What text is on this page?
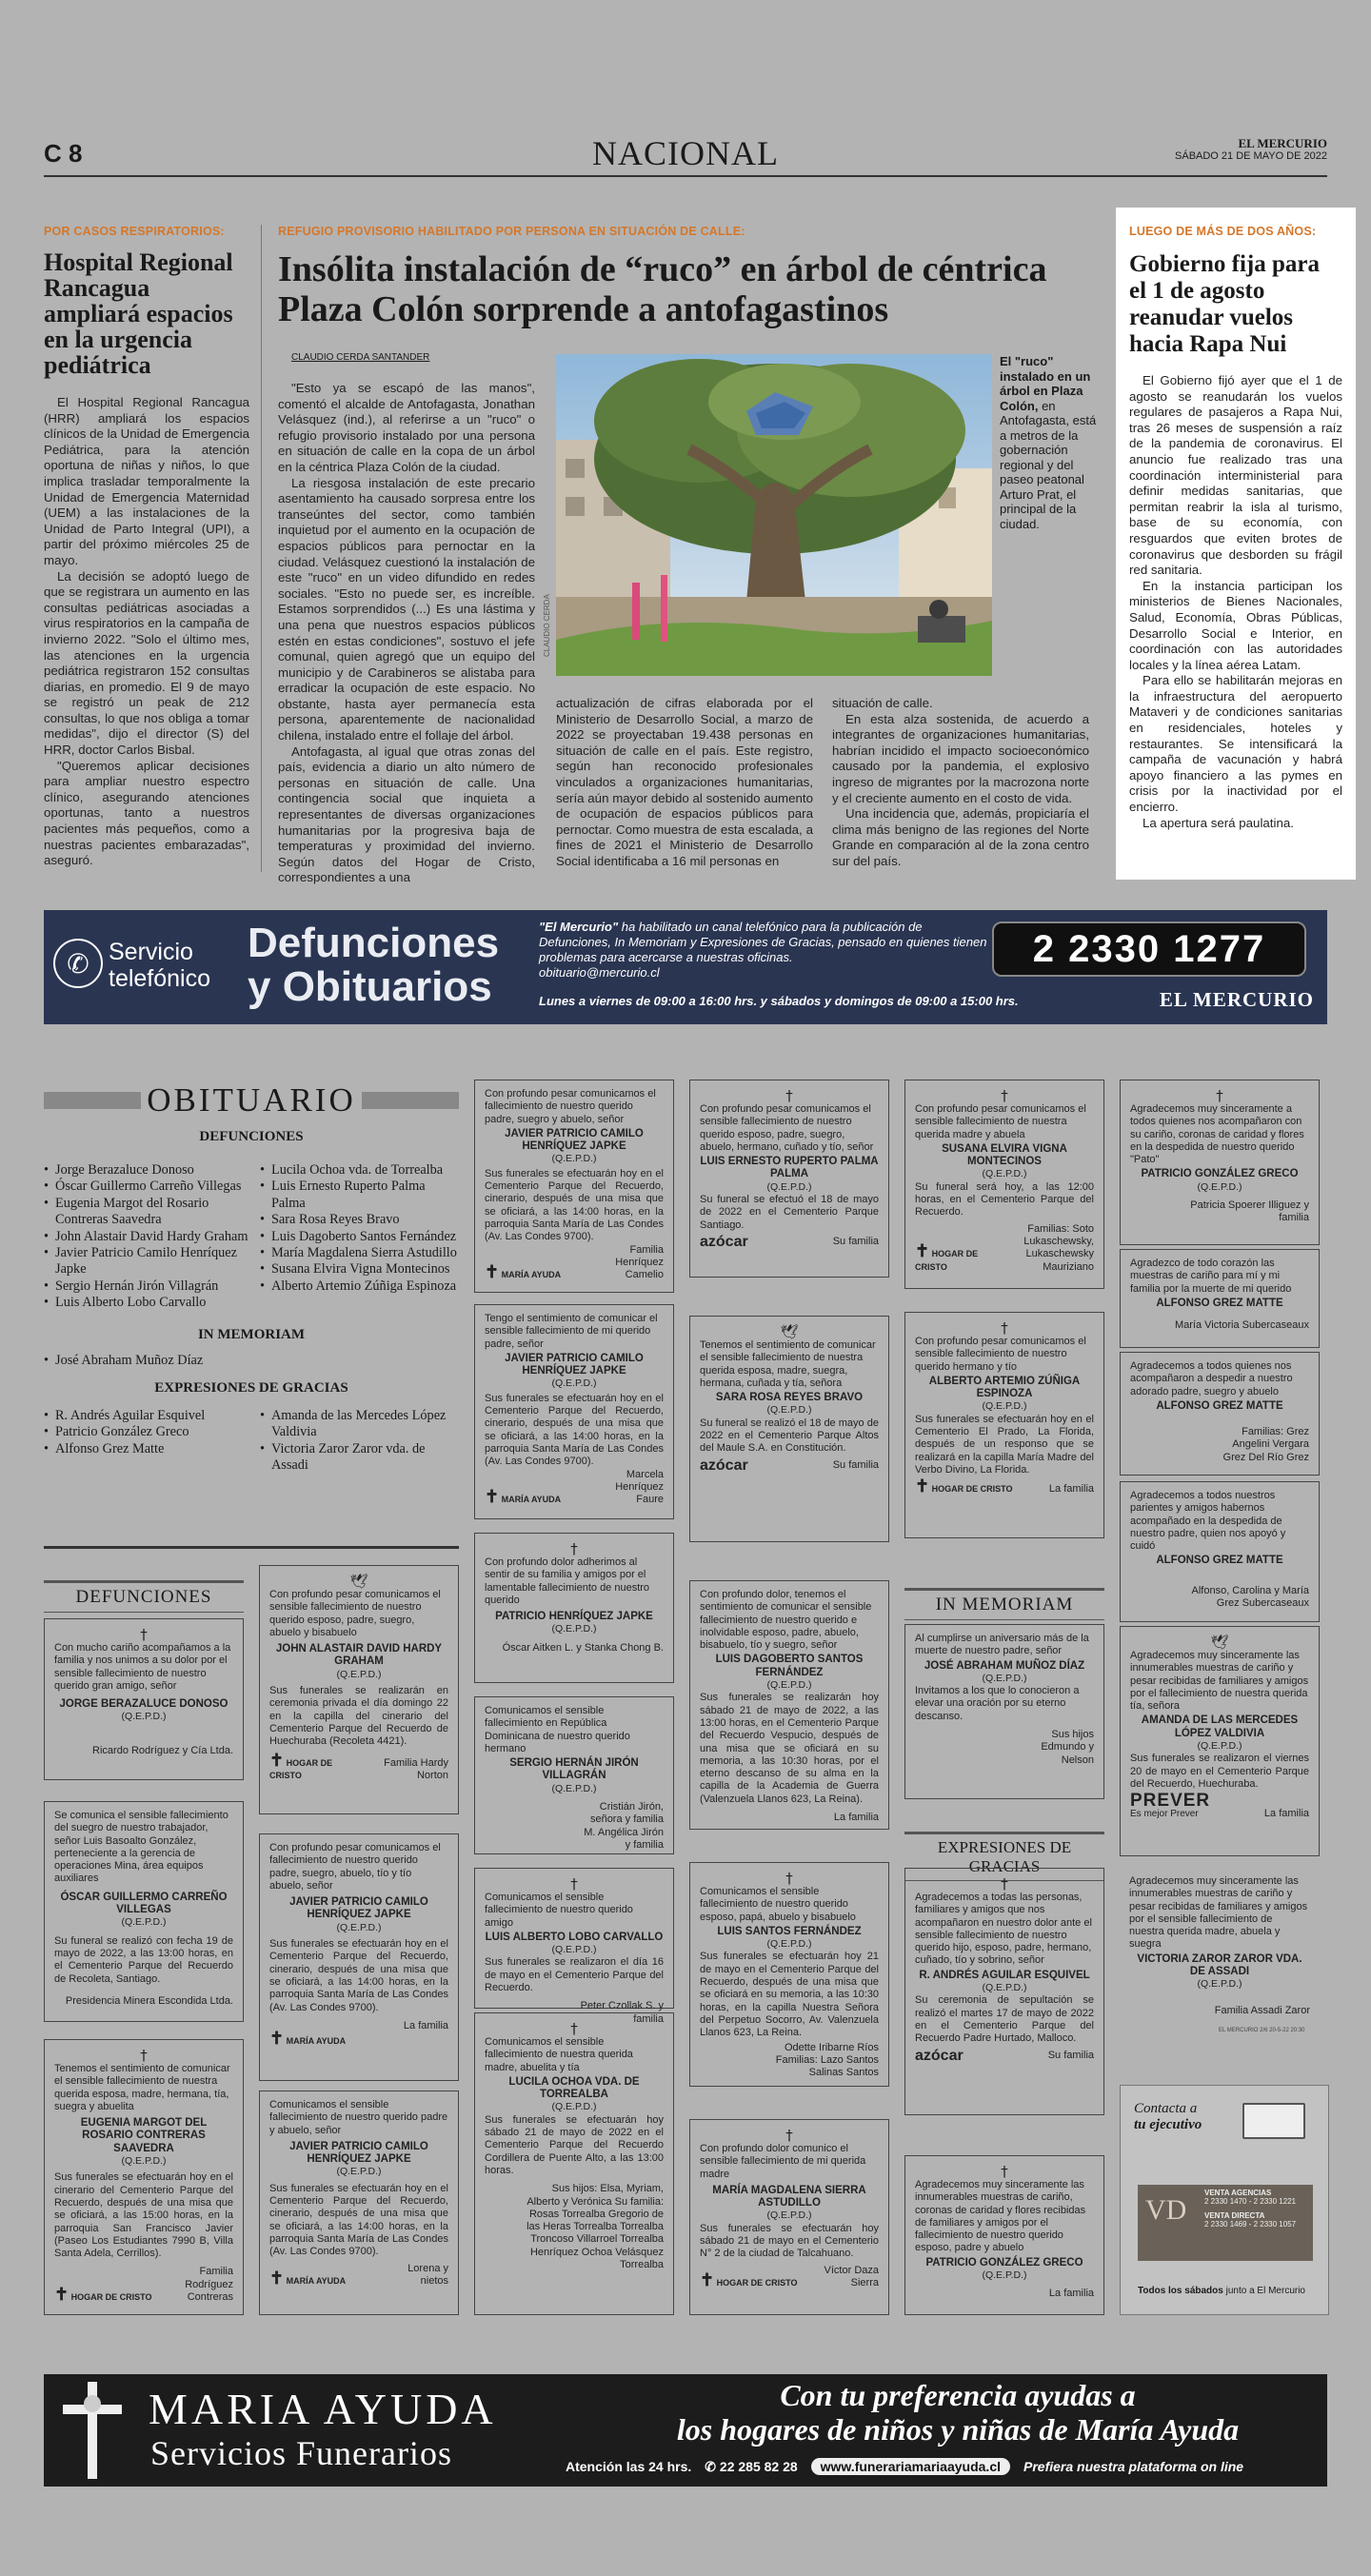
C 8	NACIONAL	EL MERCURIO
SÁBADO 21 DE MAYO DE 2022
POR CASOS RESPIRATORIOS:
Hospital Regional Rancagua ampliará espacios en la urgencia pediátrica

El Hospital Regional Rancagua (HRR) ampliará los espacios clínicos de la Unidad de Emergencia Pediátrica, para la atención oportuna de niñas y niños, lo que implica trasladar temporalmente la Unidad de Emergencia Maternidad (UEM) a las instalaciones de la Unidad de Parto Integral (UPI), a partir del próximo miércoles 25 de mayo.

La decisión se adoptó luego de que se registrara un aumento en las consultas pediátricas asociadas a virus respiratorios en la campaña de invierno 2022. "Solo el último mes, las atenciones en la urgencia pediátrica registraron 152 consultas diarias, en promedio. El 9 de mayo se registró un peak de 212 consultas, lo que nos obliga a tomar medidas", dijo el director (S) del HRR, doctor Carlos Bisbal.

"Queremos aplicar decisiones para ampliar nuestro espectro clínico, asegurando atenciones oportunas, tanto a nuestros pacientes más pequeños, como a nuestras pacientes embarazadas", aseguró.

REFUGIO PROVISORIO HABILITADO POR PERSONA EN SITUACIÓN DE CALLE:
Insólita instalación de “ruco” en árbol de céntrica Plaza Colón sorprende a antofagastinos
CLAUDIO CERDA SANTANDER

"Esto ya se escapó de las manos", comentó el alcalde de Antofagasta, Jonathan Velásquez (ind.), al referirse a un "ruco" o refugio provisorio instalado por una persona en situación de calle en la copa de un árbol en la céntrica Plaza Colón de la ciudad.

La riesgosa instalación de este precario asentamiento ha causado sorpresa entre los transeúntes del sector, como también inquietud por el aumento en la ocupación de espacios públicos para pernoctar en la ciudad. Velásquez cuestionó la instalación de este "ruco" en un video difundido en redes sociales. "Esto no puede ser, es increíble. Estamos sorprendidos (...) Es una lástima y una pena que nuestros espacios públicos estén en estas condiciones", sostuvo el jefe comunal, quien agregó que un equipo del municipio y de Carabineros se alistaba para erradicar la ocupación de este espacio. No obstante, hasta ayer permanecía esta persona, aparentemente de nacionalidad chilena, instalado entre el follaje del árbol.

Antofagasta, al igual que otras zonas del país, evidencia a diario un alto número de personas en situación de calle. Una contingencia social que inquieta a representantes de diversas organizaciones humanitarias por la progresiva baja de temperaturas y proximidad del invierno. Según datos del Hogar de Cristo, correspondientes a una

CLAUDIO CERDA
El "ruco" instalado en un árbol en Plaza Colón, en Antofagasta, está a metros de la gobernación regional y del paseo peatonal Arturo Prat, el principal de la ciudad.

actualización de cifras elaborada por el Ministerio de Desarrollo Social, a marzo de 2022 se proyectaban 19.438 personas en situación de calle en el país. Este registro, según han reconocido profesionales vinculados a organizaciones humanitarias, sería aún mayor debido al sostenido aumento de ocupación de espacios públicos para pernoctar. Como muestra de esta escalada, a fines de 2021 el Ministerio de Desarrollo Social identificaba a 16 mil personas en

situación de calle.

En esta alza sostenida, de acuerdo a integrantes de organizaciones humanitarias, habrían incidido el impacto socioeconómico causado por la pandemia, el explosivo ingreso de migrantes por la macrozona norte y el creciente aumento en el costo de vida.

Una incidencia que, además, propiciaría el clima más benigno de las regiones del Norte Grande en comparación al de la zona centro sur del país.

LUEGO DE MÁS DE DOS AÑOS:
Gobierno fija para el 1 de agosto reanudar vuelos hacia Rapa Nui

El Gobierno fijó ayer que el 1 de agosto se reanudarán los vuelos regulares de pasajeros a Rapa Nui, tras 26 meses de suspensión a raíz de la pandemia de coronavirus. El anuncio fue realizado tras una coordinación interministerial para definir medidas sanitarias, que permitan reabrir la isla al turismo, base de su economía, con resguardos que eviten brotes de coronavirus que desborden su frágil red sanitaria.

En la instancia participan los ministerios de Bienes Nacionales, Salud, Economía, Obras Públicas, Desarrollo Social e Interior, en coordinación con las autoridades locales y la línea aérea Latam.

Para ello se habilitarán mejoras en la infraestructura del aeropuerto Mataveri y de condiciones sanitarias en residenciales, hoteles y restaurantes. Se intensificará la campaña de vacunación y habrá apoyo financiero a las pymes en crisis por la inactividad por el encierro.

La apertura será paulatina.

✆ Servicio
telefónico
Defunciones
y Obituarios
"El Mercurio" ha habilitado un canal telefónico para la publicación de Defunciones, In Memoriam y Expresiones de Gracias, pensado en quienes tienen problemas para acercarse a nuestras oficinas.
obituario@mercurio.cl
Lunes a viernes de 09:00 a 16:00 hrs. y sábados y domingos de 09:00 a 15:00 hrs.
2 2330 1277
EL MERCURIO
OBITUARIO
DEFUNCIONES
• Jorge Berazaluce Donoso
• Óscar Guillermo Carreño Villegas
• Eugenia Margot del Rosario Contreras Saavedra
• John Alastair David Hardy Graham
• Javier Patricio Camilo Henríquez Japke
• Sergio Hernán Jirón Villagrán
• Luis Alberto Lobo Carvallo
• Lucila Ochoa vda. de Torrealba
• Luis Ernesto Ruperto Palma Palma
• Sara Rosa Reyes Bravo
• Luis Dagoberto Santos Fernández
• María Magdalena Sierra Astudillo
• Susana Elvira Vigna Montecinos
• Alberto Artemio Zúñiga Espinoza
IN MEMORIAM
• José Abraham Muñoz Díaz
EXPRESIONES DE GRACIAS
• R. Andrés Aguilar Esquivel
• Patricio González Greco
• Alfonso Grez Matte
• Amanda de las Mercedes López Valdivia
• Victoria Zaror Zaror vda. de Assadi
DEFUNCIONES	IN MEMORIAM
EXPRESIONES DE GRACIAS
†
Con mucho cariño acompañamos a la familia y nos unimos a su dolor por el sensible fallecimiento de nuestro querido gran amigo, señor
JORGE BERAZALUCE DONOSO
(Q.E.P.D.)
Ricardo Rodríguez y Cía Ltda.
Se comunica el sensible fallecimiento del suegro de nuestro trabajador, señor Luis Basoalto González, perteneciente a la gerencia de operaciones Mina, área equipos auxiliares
ÓSCAR GUILLERMO CARREÑO VILLEGAS
(Q.E.P.D.)
Su funeral se realizó con fecha 19 de mayo de 2022, a las 13:00 horas, en el Cementerio Parque del Recuerdo de Recoleta, Santiago.
Presidencia Minera Escondida Ltda.
†
Tenemos el sentimiento de comunicar el sensible fallecimiento de nuestra querida esposa, madre, hermana, tía, suegra y abuelita
EUGENIA MARGOT DEL ROSARIO CONTRERAS SAAVEDRA
(Q.E.P.D.)
Sus funerales se efectuarán hoy en el cinerario del Cementerio Parque del Recuerdo, después de una misa que se oficiará, a las 15:00 horas, en la parroquia San Francisco Javier (Paseo Los Estudiantes 7990 B, Villa Santa Adela, Cerrillos).
✝︎ HOGAR DE CRISTO
Familia Rodríguez Contreras
🕊
Con profundo pesar comunicamos el sensible fallecimiento de nuestro querido esposo, padre, suegro, abuelo y bisabuelo
JOHN ALASTAIR DAVID HARDY GRAHAM
(Q.E.P.D.)
Sus funerales se realizarán en ceremonia privada el día domingo 22 en la capilla del cinerario del Cementerio Parque del Recuerdo de Huechuraba (Recoleta 4421).
✝︎ HOGAR DE CRISTO
Familia Hardy Norton
Con profundo pesar comunicamos el fallecimiento de nuestro querido padre, suegro, abuelo, tío y tío abuelo, señor
JAVIER PATRICIO CAMILO HENRÍQUEZ JAPKE
(Q.E.P.D.)
Sus funerales se efectuarán hoy en el Cementerio Parque del Recuerdo, cinerario, después de una misa que se oficiará, a las 14:00 horas, en la parroquia Santa María de Las Condes (Av. Las Condes 9700).
La familia
✝︎ MARÍA AYUDA
Comunicamos el sensible fallecimiento de nuestro querido padre y abuelo, señor
JAVIER PATRICIO CAMILO HENRÍQUEZ JAPKE
(Q.E.P.D.)
Sus funerales se efectuarán hoy en el Cementerio Parque del Recuerdo, cinerario, después de una misa que se oficiará, a las 14:00 horas, en la parroquia Santa María de Las Condes (Av. Las Condes 9700).
✝︎ MARÍA AYUDA
Lorena y nietos
Con profundo pesar comunicamos el fallecimiento de nuestro querido padre, suegro y abuelo, señor
JAVIER PATRICIO CAMILO HENRÍQUEZ JAPKE
(Q.E.P.D.)
Sus funerales se efectuarán hoy en el Cementerio Parque del Recuerdo, cinerario, después de una misa que se oficiará, a las 14:00 horas, en la parroquia Santa María de Las Condes (Av. Las Condes 9700).
✝︎ MARÍA AYUDA
Familia Henríquez Camelio
Tengo el sentimiento de comunicar el sensible fallecimiento de mi querido padre, señor
JAVIER PATRICIO CAMILO HENRÍQUEZ JAPKE
(Q.E.P.D.)
Sus funerales se efectuarán hoy en el Cementerio Parque del Recuerdo, cinerario, después de una misa que se oficiará, a las 14:00 horas, en la parroquia Santa María de Las Condes (Av. Las Condes 9700).
✝︎ MARÍA AYUDA
Marcela Henríquez Faure
†
Con profundo dolor adherimos al sentir de su familia y amigos por el lamentable fallecimiento de nuestro querido
PATRICIO HENRÍQUEZ JAPKE
(Q.E.P.D.)
Óscar Aitken L. y Stanka Chong B.
Comunicamos el sensible fallecimiento en República Dominicana de nuestro querido hermano
SERGIO HERNÁN JIRÓN VILLAGRÁN
(Q.E.P.D.)
Cristián Jirón, señora y familia M. Angélica Jirón y familia
†
Comunicamos el sensible fallecimiento de nuestro querido amigo
LUIS ALBERTO LOBO CARVALLO
(Q.E.P.D.)
Sus funerales se realizaron el día 16 de mayo en el Cementerio Parque del Recuerdo.
Peter Czollak S. y familia
†
Comunicamos el sensible fallecimiento de nuestra querida madre, abuelita y tía
LUCILA OCHOA VDA. DE TORREALBA
(Q.E.P.D.)
Sus funerales se efectuarán hoy sábado 21 de mayo de 2022 en el Cementerio Parque del Recuerdo Cordillera de Puente Alto, a las 13:00 horas.
Sus hijos: Elsa, Myriam, Alberto y Verónica Su familia: Rosas Torrealba Gregorio de las Heras Torrealba Torrealba Troncoso Villarroel Torrealba Henríquez Ochoa Velásquez Torrealba
†
Con profundo pesar comunicamos el sensible fallecimiento de nuestro querido esposo, padre, suegro, abuelo, hermano, cuñado y tío, señor
LUIS ERNESTO RUPERTO PALMA PALMA
(Q.E.P.D.)
Su funeral se efectuó el 18 de mayo de 2022 en el Cementerio Parque Santiago.
azócar	Su familia
🕊
Tenemos el sentimiento de comunicar el sensible fallecimiento de nuestra querida esposa, madre, suegra, hermana, cuñada y tía, señora
SARA ROSA REYES BRAVO
(Q.E.P.D.)
Su funeral se realizó el 18 de mayo de 2022 en el Cementerio Parque Altos del Maule S.A. en Constitución.
azócar	Su familia
Con profundo dolor, tenemos el sentimiento de comunicar el sensible fallecimiento de nuestro querido e inolvidable esposo, padre, abuelo, bisabuelo, tío y suegro, señor
LUIS DAGOBERTO SANTOS FERNÁNDEZ
(Q.E.P.D.)
Sus funerales se realizarán hoy sábado 21 de mayo de 2022, a las 13:00 horas, en el Cementerio Parque del Recuerdo Vespucio, después de una misa que se oficiará en su memoria, a las 10:30 horas, por el eterno descanso de su alma en la capilla de la Academia de Guerra (Valenzuela Llanos 623, La Reina).
La familia
†
Comunicamos el sensible fallecimiento de nuestro querido esposo, papá, abuelo y bisabuelo
LUIS SANTOS FERNÁNDEZ
(Q.E.P.D.)
Sus funerales se efectuarán hoy 21 de mayo en el Cementerio Parque del Recuerdo, después de una misa que se oficiará en su memoria, a las 10:30 horas, en la capilla Nuestra Señora del Perpetuo Socorro, Av. Valenzuela Llanos 623, La Reina.
Odette Iribarne Ríos Familias: Lazo Santos Salinas Santos
†
Con profundo dolor comunico el sensible fallecimiento de mi querida madre
MARÍA MAGDALENA SIERRA ASTUDILLO
(Q.E.P.D.)
Sus funerales se efectuarán hoy sábado 21 de mayo en el Cementerio N° 2 de la ciudad de Talcahuano.
✝︎ HOGAR DE CRISTO
Víctor Daza Sierra
†
Con profundo pesar comunicamos el sensible fallecimiento de nuestra querida madre y abuela
SUSANA ELVIRA VIGNA MONTECINOS
(Q.E.P.D.)
Su funeral será hoy, a las 12:00 horas, en el Cementerio Parque del Recuerdo.
✝︎ HOGAR DE CRISTO
Familias: Soto Lukaschewsky, Lukaschewsky Mauriziano
†
Con profundo pesar comunicamos el sensible fallecimiento de nuestro querido hermano y tío
ALBERTO ARTEMIO ZÚÑIGA ESPINOZA
(Q.E.P.D.)
Sus funerales se efectuarán hoy en el Cementerio El Prado, La Florida, después de un responso que se realizará en la capilla María Madre del Verbo Divino, La Florida.
✝︎ HOGAR DE CRISTO	La familia
Al cumplirse un aniversario más de la muerte de nuestro padre, señor
JOSÉ ABRAHAM MUÑOZ DÍAZ
(Q.E.P.D.)
Invitamos a los que lo conocieron a elevar una oración por su eterno descanso.
Sus hijos Edmundo y Nelson
†
Agradecemos a todas las personas, familiares y amigos que nos acompañaron en nuestro dolor ante el sensible fallecimiento de nuestro querido hijo, esposo, padre, hermano, cuñado, tío y sobrino, señor
R. ANDRÉS AGUILAR ESQUIVEL
(Q.E.P.D.)
Su ceremonia de sepultación se realizó el martes 17 de mayo de 2022 en el Cementerio Parque del Recuerdo Padre Hurtado, Malloco.
azócar	Su familia
†
Agradecemos muy sinceramente las innumerables muestras de cariño, coronas de caridad y flores recibidas de familiares y amigos por el fallecimiento de nuestro querido esposo, padre y abuelo
PATRICIO GONZÁLEZ GRECO
(Q.E.P.D.)
La familia
†
Agradecemos muy sinceramente a todos quienes nos acompañaron con su cariño, coronas de caridad y flores en la despedida de nuestro querido "Pato"
PATRICIO GONZÁLEZ GRECO
(Q.E.P.D.)
Patricia Spoerer Illiguez y familia
Agradezco de todo corazón las muestras de cariño para mí y mi familia por la muerte de mi querido
ALFONSO GREZ MATTE
María Victoria Subercaseaux
Agradecemos a todos quienes nos acompañaron a despedir a nuestro adorado padre, suegro y abuelo
ALFONSO GREZ MATTE
Familias: Grez Angelini Vergara Grez Del Río Grez
Agradecemos a todos nuestros parientes y amigos habernos acompañado en la despedida de nuestro padre, quien nos apoyó y cuidó
ALFONSO GREZ MATTE
Alfonso, Carolina y María Grez Subercaseaux
🕊
Agradecemos muy sinceramente las innumerables muestras de cariño y pesar recibidas de familiares y amigos por el fallecimiento de nuestra querida tía, señora
AMANDA DE LAS MERCEDES LÓPEZ VALDIVIA
(Q.E.P.D.)
Sus funerales se realizaron el viernes 20 de mayo en el Cementerio Parque del Recuerdo, Huechuraba.
PREVER
Es mejor Prever	La familia
Agradecemos muy sinceramente las innumerables muestras de cariño y pesar recibidas de familiares y amigos por el sensible fallecimiento de nuestra querida madre, abuela y suegra
VICTORIA ZAROR ZAROR VDA. DE ASSADI
(Q.E.P.D.)
Familia Assadi Zaror
EL MERCURIO 2/6 20-5-22 20:30
Contacta a
tu ejecutivo
VD
VENTA AGENCIAS
2 2330 1470 - 2 2330 1221
VENTA DIRECTA
2 2330 1469 - 2 2330 1057
Todos los sábados junto a El Mercurio
MARIA AYUDA
Servicios Funerarios
Con tu preferencia ayudas a
los hogares de niños y niñas de María Ayuda
Atención las 24 hrs. ✆ 22 285 82 28	www.funerariamariaayuda.cl	Prefiera nuestra plataforma on line
